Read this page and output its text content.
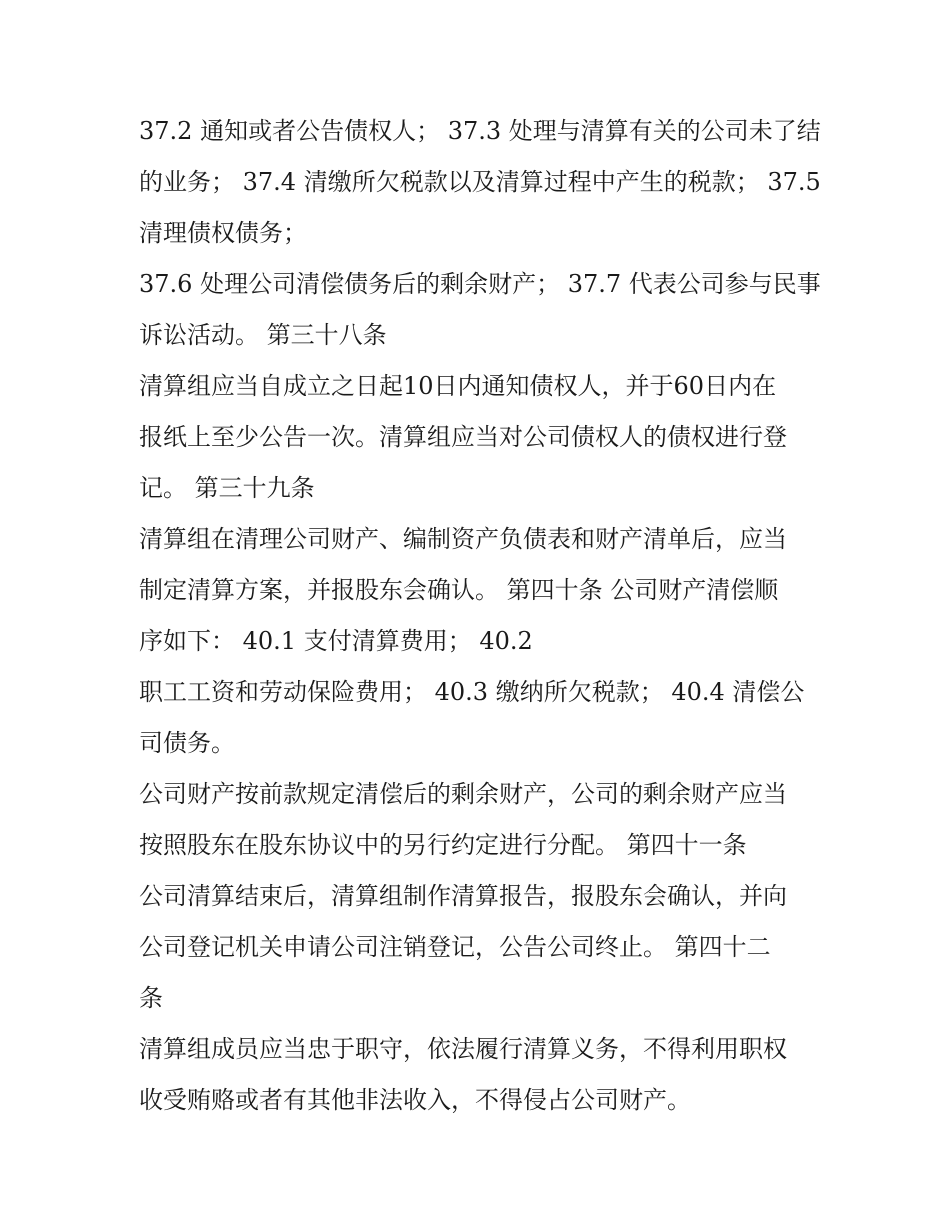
37.2 通知或者公告债权人； 37.3 处理与清算有关的公司未了结
的业务； 37.4 清缴所欠税款以及清算过程中产生的税款； 37.5
清理债权债务；
37.6 处理公司清偿债务后的剩余财产； 37.7 代表公司参与民事
诉讼活动。 第三十八条
清算组应当自成立之日起10日内通知债权人，并于60日内在
报纸上至少公告一次。清算组应当对公司债权人的债权进行登
记。 第三十九条
清算组在清理公司财产、编制资产负债表和财产清单后，应当
制定清算方案，并报股东会确认。 第四十条 公司财产清偿顺
序如下： 40.1 支付清算费用； 40.2
职工工资和劳动保险费用； 40.3 缴纳所欠税款； 40.4 清偿公
司债务。
公司财产按前款规定清偿后的剩余财产，公司的剩余财产应当
按照股东在股东协议中的另行约定进行分配。 第四十一条
公司清算结束后，清算组制作清算报告，报股东会确认，并向
公司登记机关申请公司注销登记，公告公司终止。 第四十二
条
清算组成员应当忠于职守，依法履行清算义务，不得利用职权
收受贿赂或者有其他非法收入，不得侵占公司财产。
